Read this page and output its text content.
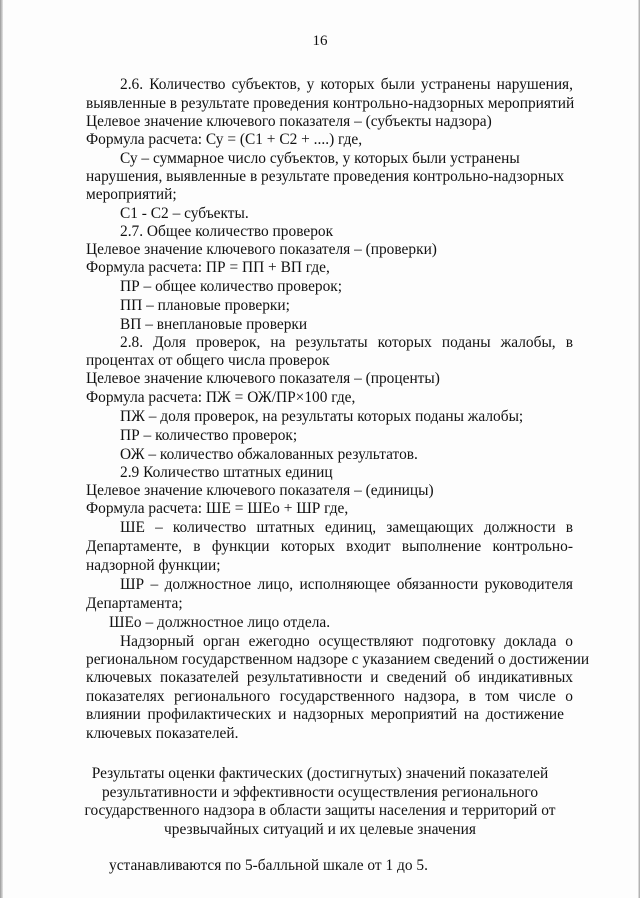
16
2.6. Количество субъектов, у которых были устранены нарушения,
выявленные в результате проведения контрольно-надзорных мероприятий
Целевое значение ключевого показателя – (субъекты надзора)
Формула расчета: Су = (С1 + С2 + ....) где,
Су – суммарное число субъектов, у которых были устранены
нарушения, выявленные в результате проведения контрольно-надзорных
мероприятий;
С1 - С2 – субъекты.
2.7. Общее количество проверок
Целевое значение ключевого показателя – (проверки)
Формула расчета: ПР = ПП + ВП где,
ПР – общее количество проверок;
ПП – плановые проверки;
ВП – внеплановые проверки
2.8. Доля проверок, на результаты которых поданы жалобы, в
процентах от общего числа проверок
Целевое значение ключевого показателя – (проценты)
Формула расчета: ПЖ = ОЖ/ПР×100 где,
ПЖ – доля проверок, на результаты которых поданы жалобы;
ПР – количество проверок;
ОЖ – количество обжалованных результатов.
2.9 Количество штатных единиц
Целевое значение ключевого показателя – (единицы)
Формула расчета: ШЕ = ШЕо + ШР где,
ШЕ – количество штатных единиц, замещающих должности в
Департаменте, в функции которых входит выполнение контрольно-
надзорной функции;
ШР – должностное лицо, исполняющее обязанности руководителя
Департамента;
ШЕо – должностное лицо отдела.
Надзорный орган ежегодно осуществляют подготовку доклада о
региональном государственном надзоре с указанием сведений о достижении
ключевых показателей результативности и сведений об индикативных
показателях регионального государственного надзора, в том числе о
влиянии профилактических и надзорных мероприятий на достижение
ключевых показателей.
Результаты оценки фактических (достигнутых) значений показателей
результативности и эффективности осуществления регионального
государственного надзора в области защиты населения и территорий от
чрезвычайных ситуаций и их целевые значения
устанавливаются по 5-балльной шкале от 1 до 5.
